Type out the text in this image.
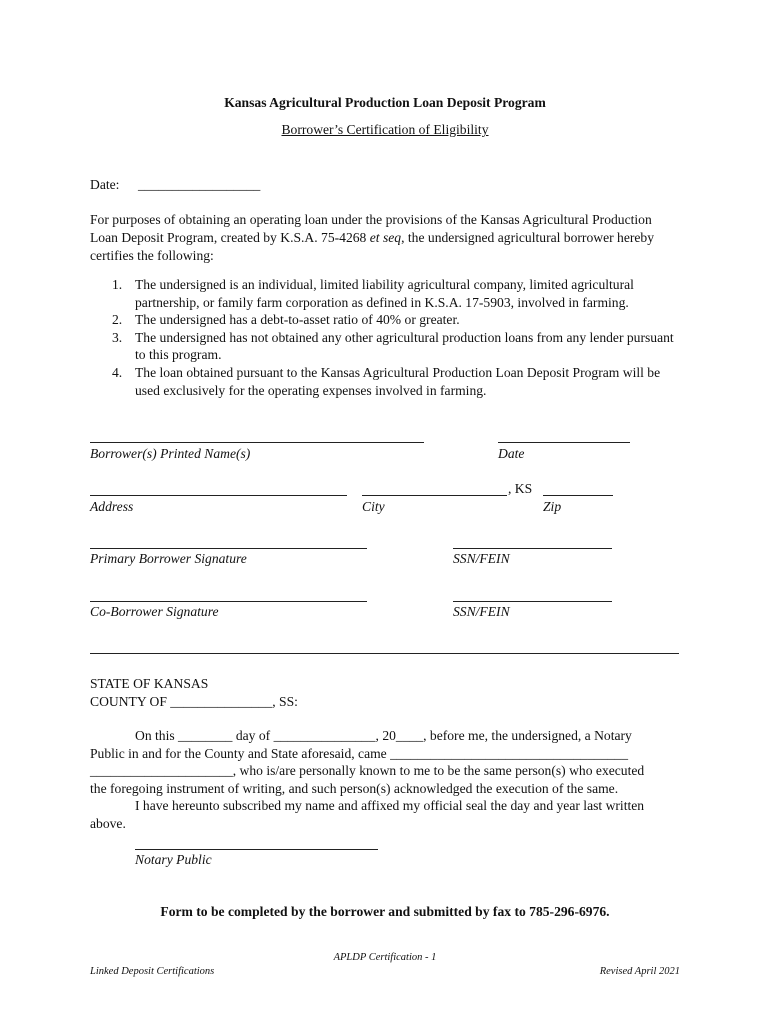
Kansas Agricultural Production Loan Deposit Program
Borrower’s Certification of Eligibility
Date: __________________

For purposes of obtaining an operating loan under the provisions of the Kansas Agricultural Production Loan Deposit Program, created by K.S.A. 75-4268 et seq, the undersigned agricultural borrower hereby certifies the following:

1. The undersigned is an individual, limited liability agricultural company, limited agricultural partnership, or family farm corporation as defined in K.S.A. 17-5903, involved in farming.
2. The undersigned has a debt-to-asset ratio of 40% or greater.
3. The undersigned has not obtained any other agricultural production loans from any lender pursuant to this program.
4. The loan obtained pursuant to the Kansas Agricultural Production Loan Deposit Program will be used exclusively for the operating expenses involved in farming.
Borrower(s) Printed Name(s)	Date
, KS
Address	City	Zip
Primary Borrower Signature	SSN/FEIN
Co-Borrower Signature	SSN/FEIN

STATE OF KANSAS

COUNTY OF _______________, SS:

On this ________ day of _______________, 20____, before me, the undersigned, a Notary

Public in and for the County and State aforesaid, came ___________________________________

_____________________, who is/are personally known to me to be the same person(s) who executed

the foregoing instrument of writing, and such person(s) acknowledged the execution of the same.

I have hereunto subscribed my name and affixed my official seal the day and year last written

above.

Notary Public
Form to be completed by the borrower and submitted by fax to 785-296-6976.
APLDP Certification - 1
Linked Deposit Certifications	Revised April 2021
